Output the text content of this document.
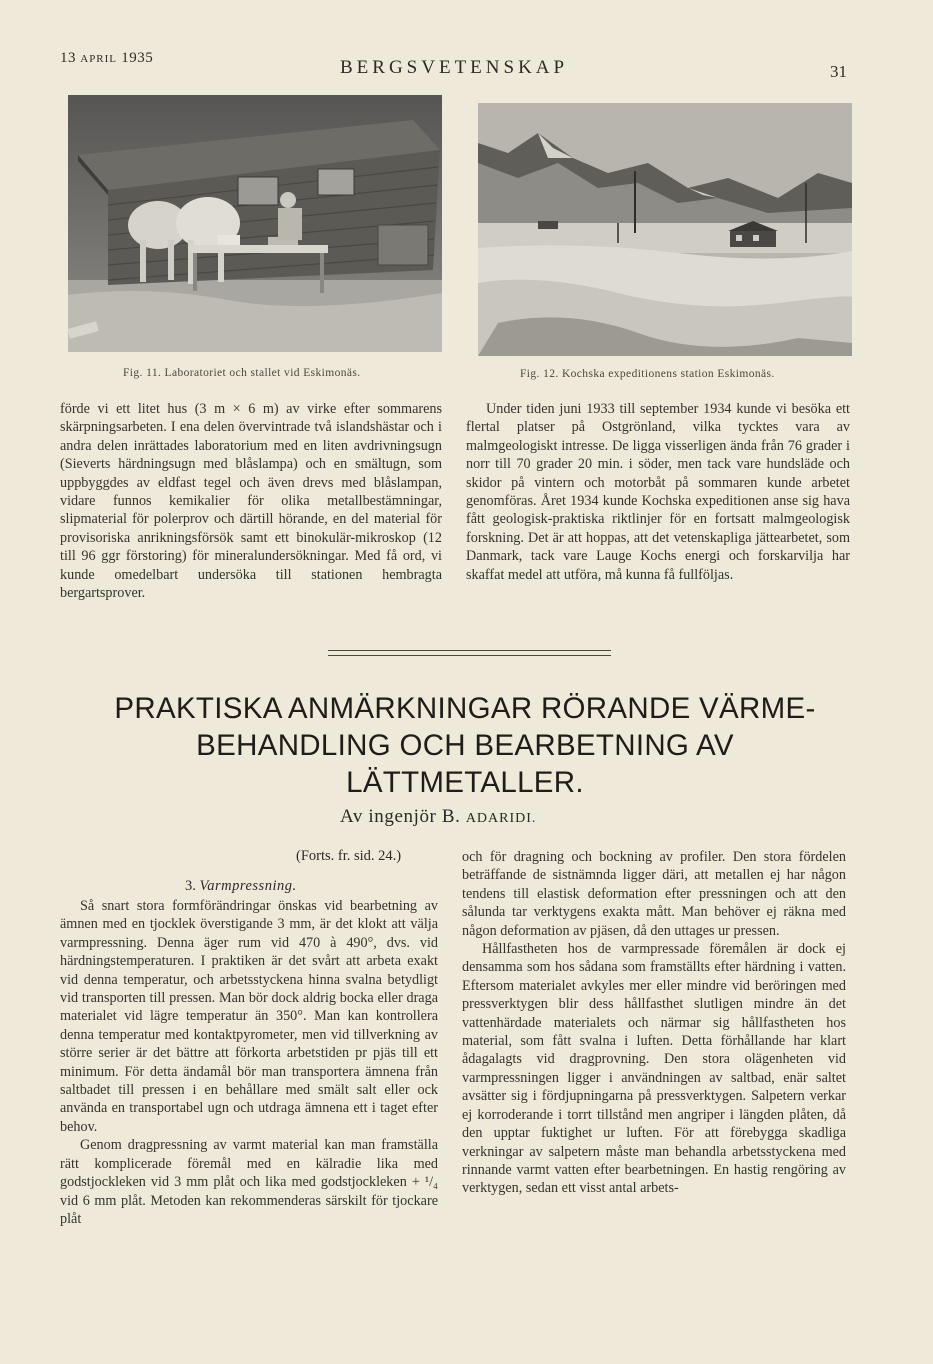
13 APRIL 1935	BERGSVETENSKAP	31
Fig. 11. Laboratoriet och stallet vid Eskimonäs.	Fig. 12. Kochska expeditionens station Eskimonäs.

förde vi ett litet hus (3 m × 6 m) av virke efter sommarens skärpningsarbeten. I ena delen övervintrade två islandshästar och i andra delen inrättades laboratorium med en liten avdrivningsugn (Sieverts härdningsugn med blåslampa) och en smältugn, som uppbyggdes av eldfast tegel och även drevs med blåslampan, vidare funnos kemikalier för olika metallbestämningar, slipmaterial för polerprov och därtill hörande, en del material för provisoriska anrikningsförsök samt ett binokulär-mikroskop (12 till 96 ggr förstoring) för mineralundersökningar. Med få ord, vi kunde omedelbart undersöka till stationen hembragta bergartsprover.

Under tiden juni 1933 till september 1934 kunde vi besöka ett flertal platser på Ostgrönland, vilka tycktes vara av malmgeologiskt intresse. De ligga visserligen ända från 76 grader i norr till 70 grader 20 min. i söder, men tack vare hundsläde och skidor på vintern och motorbåt på sommaren kunde arbetet genomföras. Året 1934 kunde Kochska expeditionen anse sig hava fått geologisk-praktiska riktlinjer för en fortsatt malmgeologisk forskning. Det är att hoppas, att det vetenskapliga jättearbetet, som Danmark, tack vare Lauge Kochs energi och forskarvilja har skaffat medel att utföra, må kunna få fullföljas.

PRAKTISKA ANMÄRKNINGAR RÖRANDE VÄRME-
BEHANDLING OCH BEARBETNING AV
LÄTTMETALLER.
Av ingenjör B. ADARIDI.
(Forts. fr. sid. 24.)
3. Varmpressning.

Så snart stora formförändringar önskas vid bearbetning av ämnen med en tjocklek överstigande 3 mm, är det klokt att välja varmpressning. Denna äger rum vid 470 à 490°, dvs. vid härdningstemperaturen. I praktiken är det svårt att arbeta exakt vid denna temperatur, och arbetsstyckena hinna svalna betydligt vid transporten till pressen. Man bör dock aldrig bocka eller draga materialet vid lägre temperatur än 350°. Man kan kontrollera denna temperatur med kontaktpyrometer, men vid tillverkning av större serier är det bättre att förkorta arbetstiden pr pjäs till ett minimum. För detta ändamål bör man transportera ämnena från saltbadet till pressen i en behållare med smält salt eller ock använda en transportabel ugn och utdraga ämnena ett i taget efter behov.

Genom dragpressning av varmt material kan man framställa rätt komplicerade föremål med en kälradie lika med godstjockleken vid 3 mm plåt och lika med godstjockleken + ¹/₄ vid 6 mm plåt. Metoden kan rekommenderas särskilt för tjockare plåt

och för dragning och bockning av profiler. Den stora fördelen beträffande de sistnämnda ligger däri, att metallen ej har någon tendens till elastisk deformation efter pressningen och att den sålunda tar verktygens exakta mått. Man behöver ej räkna med någon deformation av pjäsen, då den uttages ur pressen.

Hållfastheten hos de varmpressade föremålen är dock ej densamma som hos sådana som framställts efter härdning i vatten. Eftersom materialet avkyles mer eller mindre vid beröringen med pressverktygen blir dess hållfasthet slutligen mindre än det vattenhärdade materialets och närmar sig hållfastheten hos material, som fått svalna i luften. Detta förhållande har klart ådagalagts vid dragprovning. Den stora olägenheten vid varmpressningen ligger i användningen av saltbad, enär saltet avsätter sig i fördjupningarna på pressverktygen. Salpetern verkar ej korroderande i torrt tillstånd men angriper i längden plåten, då den upptar fuktighet ur luften. För att förebygga skadliga verkningar av salpetern måste man behandla arbetsstyckena med rinnande varmt vatten efter bearbetningen. En hastig rengöring av verktygen, sedan ett visst antal arbets-
